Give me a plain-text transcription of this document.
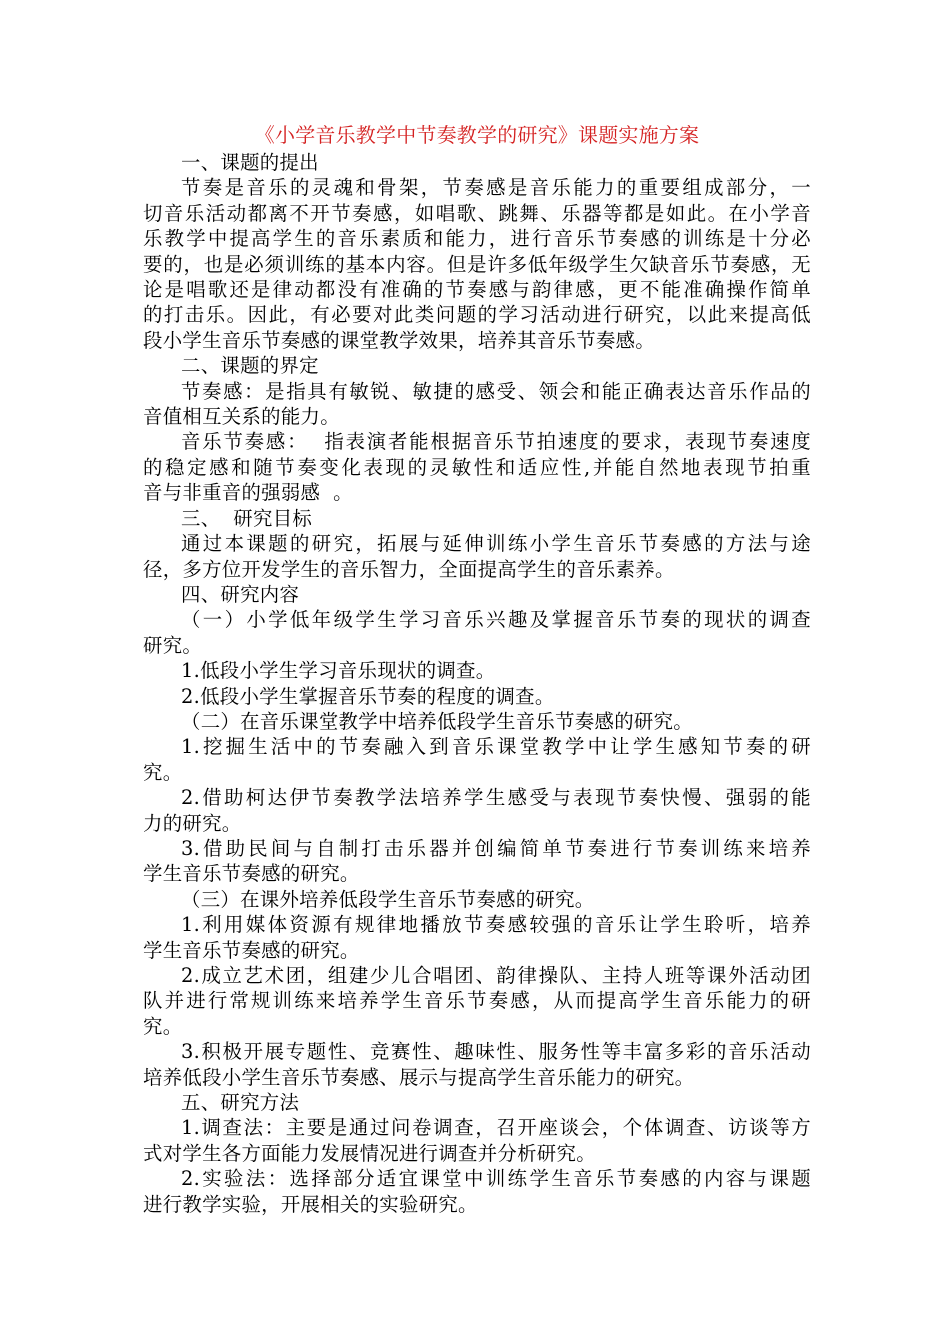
《小学音乐教学中节奏教学的研究》课题实施方案

一、课题的提出

节奏是音乐的灵魂和骨架，节奏感是音乐能力的重要组成部分，一

切音乐活动都离不开节奏感，如唱歌、跳舞、乐器等都是如此。在小学音

乐教学中提高学生的音乐素质和能力，进行音乐节奏感的训练是十分必

要的，也是必须训练的基本内容。但是许多低年级学生欠缺音乐节奏感，无

论是唱歌还是律动都没有准确的节奏感与韵律感，更不能准确操作简单

的打击乐。因此，有必要对此类问题的学习活动进行研究，以此来提高低

段小学生音乐节奏感的课堂教学效果，培养其音乐节奏感。

二、课题的界定

节奏感：是指具有敏锐、敏捷的感受、领会和能正确表达音乐作品的

音值相互关系的能力。

音乐节奏感：  指表演者能根据音乐节拍速度的要求，表现节奏速度

的稳定感和随节奏变化表现的灵敏性和适应性,并能自然地表现节拍重

音与非重音的强弱感  。

三、  研究目标

通过本课题的研究，拓展与延伸训练小学生音乐节奏感的方法与途

径，多方位开发学生的音乐智力，全面提高学生的音乐素养。

四、研究内容

（一）小学低年级学生学习音乐兴趣及掌握音乐节奏的现状的调查

研究。

1.低段小学生学习音乐现状的调查。

2.低段小学生掌握音乐节奏的程度的调查。

（二）在音乐课堂教学中培养低段学生音乐节奏感的研究。

1.挖掘生活中的节奏融入到音乐课堂教学中让学生感知节奏的研

究。

2.借助柯达伊节奏教学法培养学生感受与表现节奏快慢、强弱的能

力的研究。

3.借助民间与自制打击乐器并创编简单节奏进行节奏训练来培养

学生音乐节奏感的研究。

（三）在课外培养低段学生音乐节奏感的研究。

1.利用媒体资源有规律地播放节奏感较强的音乐让学生聆听，培养

学生音乐节奏感的研究。

2.成立艺术团，组建少儿合唱团、韵律操队、主持人班等课外活动团

队并进行常规训练来培养学生音乐节奏感，从而提高学生音乐能力的研

究。

3.积极开展专题性、竞赛性、趣味性、服务性等丰富多彩的音乐活动

培养低段小学生音乐节奏感、展示与提高学生音乐能力的研究。

五、研究方法

1.调查法：主要是通过问卷调查，召开座谈会，个体调查、访谈等方

式对学生各方面能力发展情况进行调查并分析研究。

2.实验法：选择部分适宜课堂中训练学生音乐节奏感的内容与课题

进行教学实验，开展相关的实验研究。
